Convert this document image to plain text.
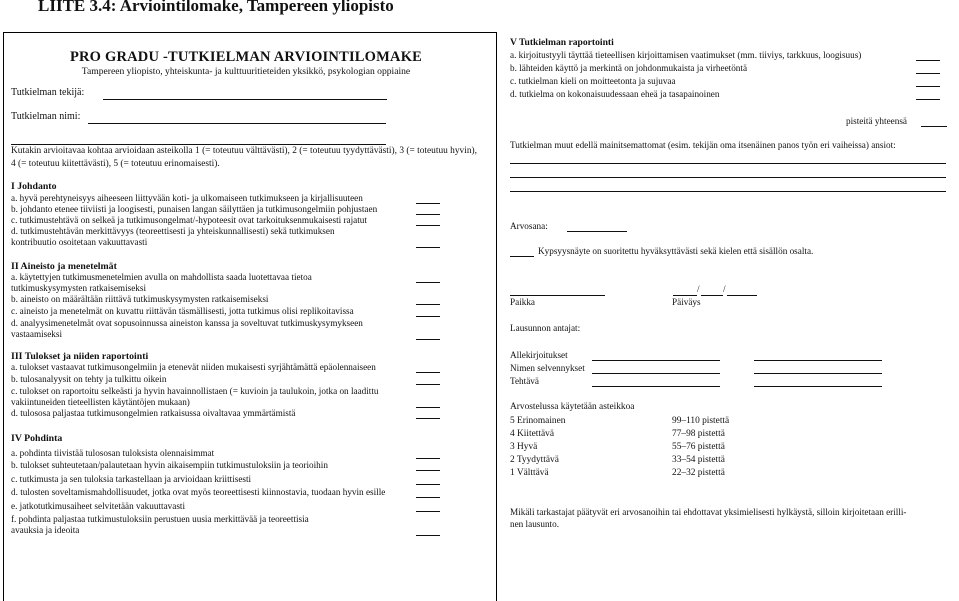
LIITE 3.4: Arviointilomake, Tampereen yliopisto
PRO GRADU -TUTKIELMAN ARVIOINTILOMAKE
Tampereen yliopisto, yhteiskunta- ja kulttuuritieteiden yksikkö, psykologian oppiaine
Tutkielman tekijä:
Tutkielman nimi:
Kutakin arvioitavaa kohtaa arvioidaan asteikolla 1 (= toteutuu välttävästi), 2 (= toteutuu tyydyttävästi), 3 (= toteutuu hyvin), 4 (= toteutuu kiitettävästi), 5 (= toteutuu erinomaisesti).
I Johdanto
a. hyvä perehtyneisyys aiheeseen liittyvään koti- ja ulkomaiseen tutkimukseen ja kirjallisuuteen
b. johdanto etenee tiiviisti ja loogisesti, punaisen langan säilyttäen ja tutkimusongelmiin pohjustaen
c. tutkimustehtävä on selkeä ja tutkimusongelmat/-hypoteesit ovat tarkoituksenmukaisesti rajatut
d. tutkimustehtävän merkittävyys (teoreettisesti ja yhteiskunnallisesti) sekä tutkimuksen
kontribuutio osoitetaan vakuuttavasti
II Aineisto ja menetelmät
a. käytettyjen tutkimusmenetelmien avulla on mahdollista saada luotettavaa tietoa
tutkimuskysymysten ratkaisemiseksi
b. aineisto on määrältään riittävä tutkimuskysymysten ratkaisemiseksi
c. aineisto ja menetelmät on kuvattu riittävän täsmällisesti, jotta tutkimus olisi replikoitavissa
d. analyysimenetelmät ovat sopusoinnussa aineiston kanssa ja soveltuvat tutkimuskysymykseen
vastaamiseksi
III Tulokset ja niiden raportointi
a. tulokset vastaavat tutkimusongelmiin ja etenevät niiden mukaisesti syrjähtämättä epäolennaiseen
b. tulosanalyysit on tehty ja tulkittu oikein
c. tulokset on raportoitu selkeästi ja hyvin havainnollistaen (= kuvioin ja taulukoin, jotka on laadittu
vakiintuneiden tieteellisten käytäntöjen mukaan)
d. tulososa paljastaa tutkimusongelmien ratkaisussa oivaltavaa ymmärtämistä
IV Pohdinta
a. pohdinta tiivistää tulososan tuloksista olennaisimmat
b. tulokset suhteutetaan/palautetaan hyvin aikaisempiin tutkimustuloksiin ja teorioihin
c. tutkimusta ja sen tuloksia tarkastellaan ja arvioidaan kriittisesti
d. tulosten soveltamismahdollisuudet, jotka ovat myös teoreettisesti kiinnostavia, tuodaan hyvin esille
e. jatkotutkimusaiheet selvitetään vakuuttavasti
f. pohdinta paljastaa tutkimustuloksiin perustuen uusia merkittävää ja teoreettisia
avauksia ja ideoita
V Tutkielman raportointi
a. kirjoitustyyli täyttää tieteellisen kirjoittamisen vaatimukset (mm. tiiviys, tarkkuus, loogisuus)
b. lähteiden käyttö ja merkintä on johdonmukaista ja virheetöntä
c. tutkielman kieli on moitteetonta ja sujuvaa
d. tutkielma on kokonaisuudessaan eheä ja tasapainoinen
pisteitä yhteensä
Tutkielman muut edellä mainitsemattomat (esim. tekijän oma itsenäinen panos työn eri vaiheissa) ansiot:
Arvosana:
Kypsyysnäyte on suoritettu hyväksyttävästi sekä kielen että sisällön osalta.
/	/
Paikka	Päiväys
Lausunnon antajat:
Allekirjoitukset
Nimen selvennykset
Tehtävä
Arvostelussa käytetään asteikkoa
5 Erinomainen	99–110 pistettä
4 Kiitettävä	77–98 pistettä
3 Hyvä	55–76 pistettä
2 Tyydyttävä	33–54 pistettä
1 Välttävä	22–32 pistettä
Mikäli tarkastajat päätyvät eri arvosanoihin tai ehdottavat yksimielisesti hylkäystä, silloin kirjoitetaan erilli-
nen lausunto.
